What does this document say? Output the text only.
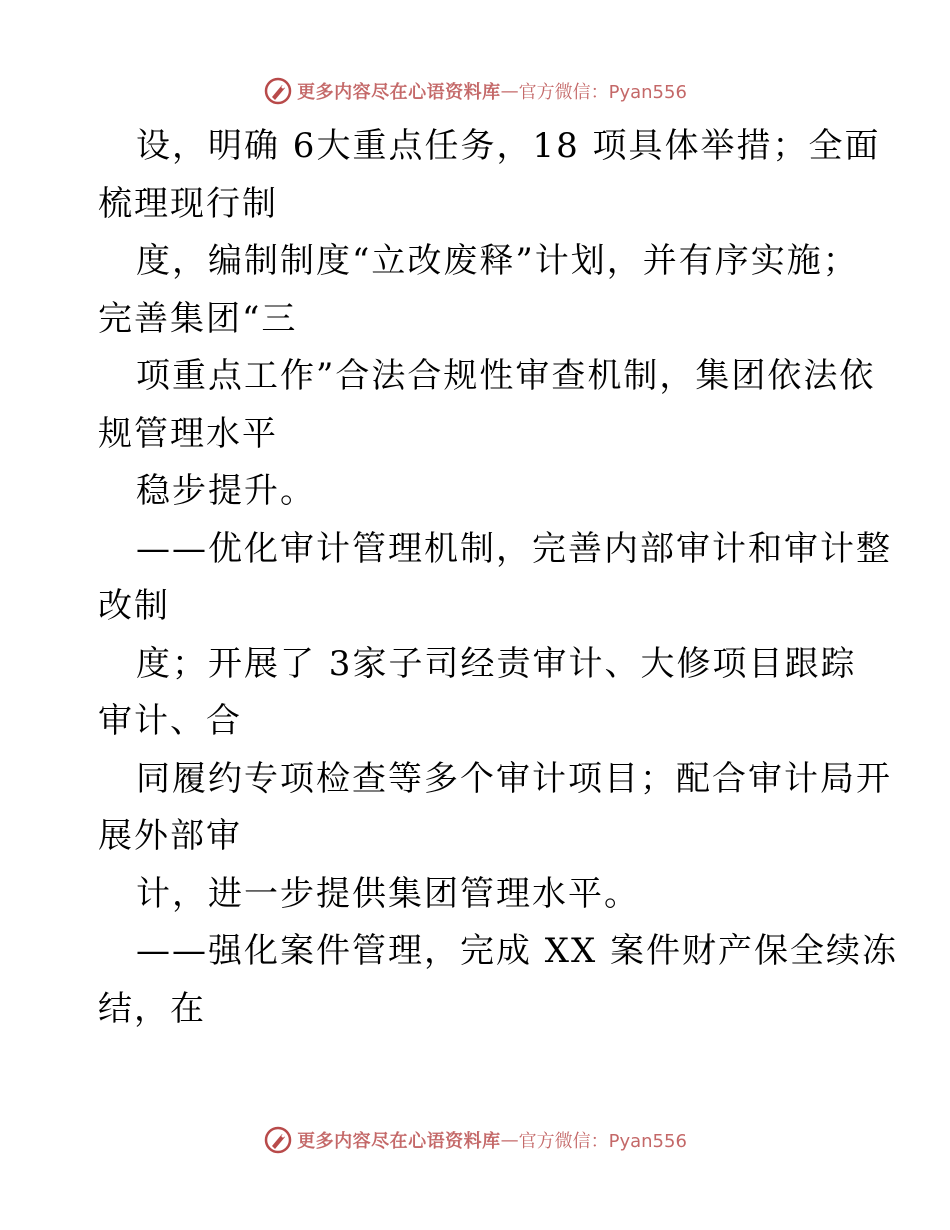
更多内容尽在心语资料库 — 官方微信：Pyan556
设，明确 6大重点任务，18 项具体举措；全面
梳理现行制
度，编制制度“立改废释”计划，并有序实施；
完善集团“三
项重点工作”合法合规性审查机制，集团依法依
规管理水平
稳步提升。
——优化审计管理机制，完善内部审计和审计整
改制
度；开展了 3家子司经责审计、大修项目跟踪
审计、合
同履约专项检查等多个审计项目；配合审计局开
展外部审
计，进一步提供集团管理水平。
——强化案件管理，完成 XX 案件财产保全续冻
结，在
更多内容尽在心语资料库 — 官方微信：Pyan556
